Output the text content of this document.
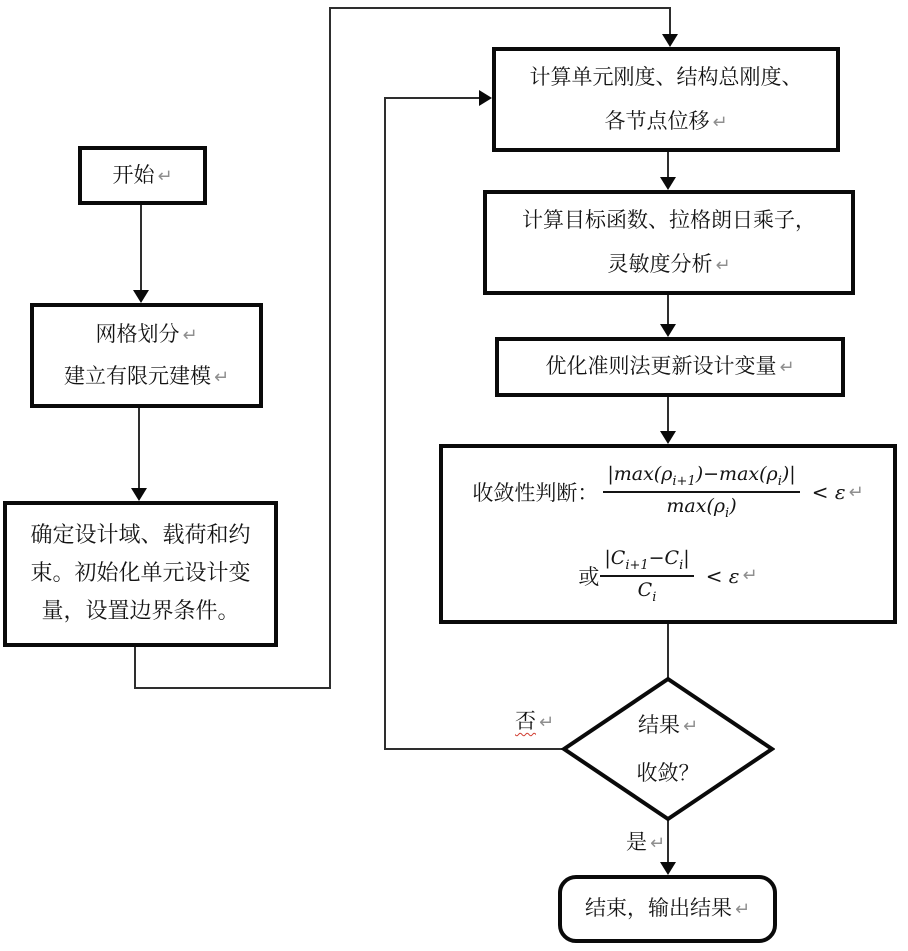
开始 ↵
网格划分 ↵
建立有限元建模 ↵
确定设计域、载荷和约
束。初始化单元设计变
量，设置边界条件。
计算单元刚度、结构总刚度、
各节点位移 ↵
计算目标函数、拉格朗日乘子，
灵敏度分析 ↵
优化准则法更新设计变量 ↵
收敛性判断： $\frac{|\max(\rho_{i+1})-\max(\rho_i)|}{\max(\rho_i)} < \varepsilon$ ↵
或 $\frac{|C_{i+1}-C_i|}{C_i} < \varepsilon$ ↵
结果 ↵
收敛？
否 ↵
是 ↵
结束，输出结果 ↵
